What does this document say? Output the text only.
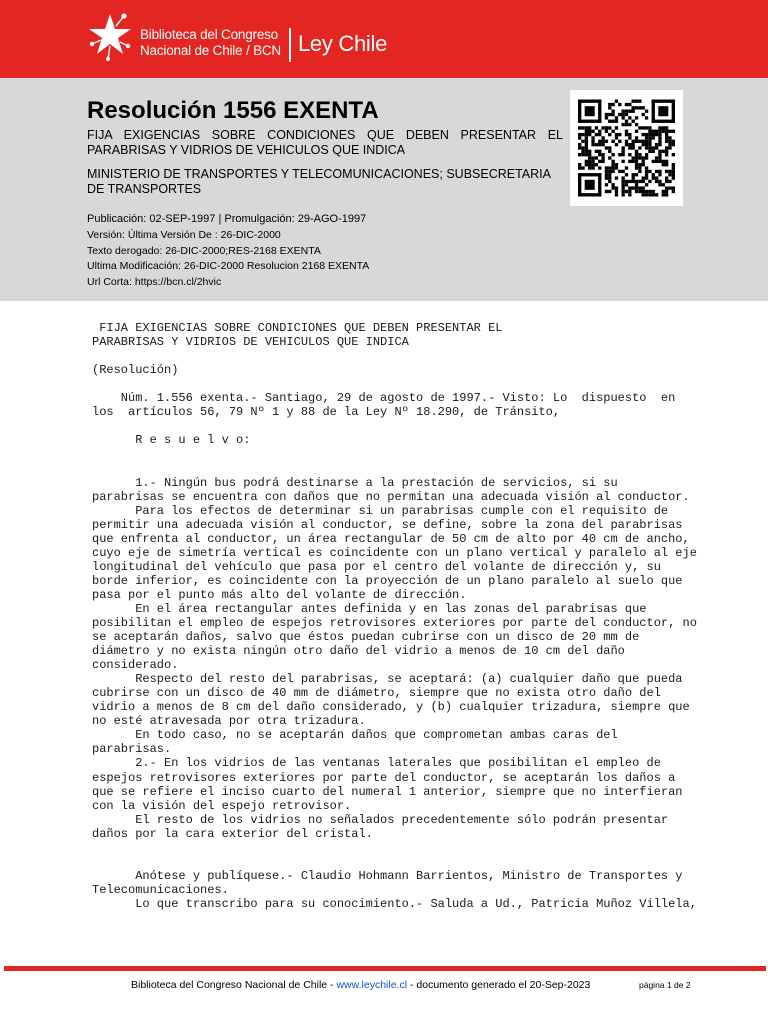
Biblioteca del Congreso
Nacional de Chile / BCN Ley Chile
Resolución 1556 EXENTA
FIJA EXIGENCIAS SOBRE CONDICIONES QUE DEBEN PRESENTAR EL PARABRISAS Y VIDRIOS DE VEHICULOS QUE INDICA
MINISTERIO DE TRANSPORTES Y TELECOMUNICACIONES; SUBSECRETARIA DE TRANSPORTES
Publicación: 02-SEP-1997 | Promulgación: 29-AGO-1997
Versión: Última Versión De : 26-DIC-2000
Texto derogado: 26-DIC-2000;RES-2168 EXENTA
Ultima Modificación: 26-DIC-2000 Resolucion 2168 EXENTA
Url Corta: https://bcn.cl/2hvic
FIJA EXIGENCIAS SOBRE CONDICIONES QUE DEBEN PRESENTAR EL
PARABRISAS Y VIDRIOS DE VEHICULOS QUE INDICA

(Resolución)

Núm. 1.556 exenta.- Santiago, 29 de agosto de 1997.- Visto: Lo  dispuesto  en
los  artículos 56, 79 Nº 1 y 88 de la Ley Nº 18.290, de Tránsito,

R e s u e l v o:

1.- Ningún bus podrá destinarse a la prestación de servicios, si su
parabrisas se encuentra con daños que no permitan una adecuada visión al conductor.
Para los efectos de determinar si un parabrisas cumple con el requisito de
permitir una adecuada visión al conductor, se define, sobre la zona del parabrisas
que enfrenta al conductor, un área rectangular de 50 cm de alto por 40 cm de ancho,
cuyo eje de simetría vertical es coincidente con un plano vertical y paralelo al eje
longitudinal del vehículo que pasa por el centro del volante de dirección y, su
borde inferior, es coincidente con la proyección de un plano paralelo al suelo que
pasa por el punto más alto del volante de dirección.
En el área rectangular antes definida y en las zonas del parabrisas que
posibilitan el empleo de espejos retrovisores exteriores por parte del conductor, no
se aceptarán daños, salvo que éstos puedan cubrirse con un disco de 20 mm de
diámetro y no exista ningún otro daño del vidrio a menos de 10 cm del daño
considerado.
Respecto del resto del parabrisas, se aceptará: (a) cualquier daño que pueda
cubrirse con un disco de 40 mm de diámetro, siempre que no exista otro daño del
vidrio a menos de 8 cm del daño considerado, y (b) cualquier trizadura, siempre que
no esté atravesada por otra trizadura.
En todo caso, no se aceptarán daños que comprometan ambas caras del
parabrisas.
2.- En los vidrios de las ventanas laterales que posibilitan el empleo de
espejos retrovisores exteriores por parte del conductor, se aceptarán los daños a
que se refiere el inciso cuarto del numeral 1 anterior, siempre que no interfieran
con la visión del espejo retrovisor.
El resto de los vidrios no señalados precedentemente sólo podrán presentar
daños por la cara exterior del cristal.

Anótese y publíquese.- Claudio Hohmann Barrientos, Ministro de Transportes y
Telecomunicaciones.
Lo que transcribo para su conocimiento.- Saluda a Ud., Patricia Muñoz Villela,
Biblioteca del Congreso Nacional de Chile - www.leychile.cl - documento generado el 20-Sep-2023	página 1 de 2
